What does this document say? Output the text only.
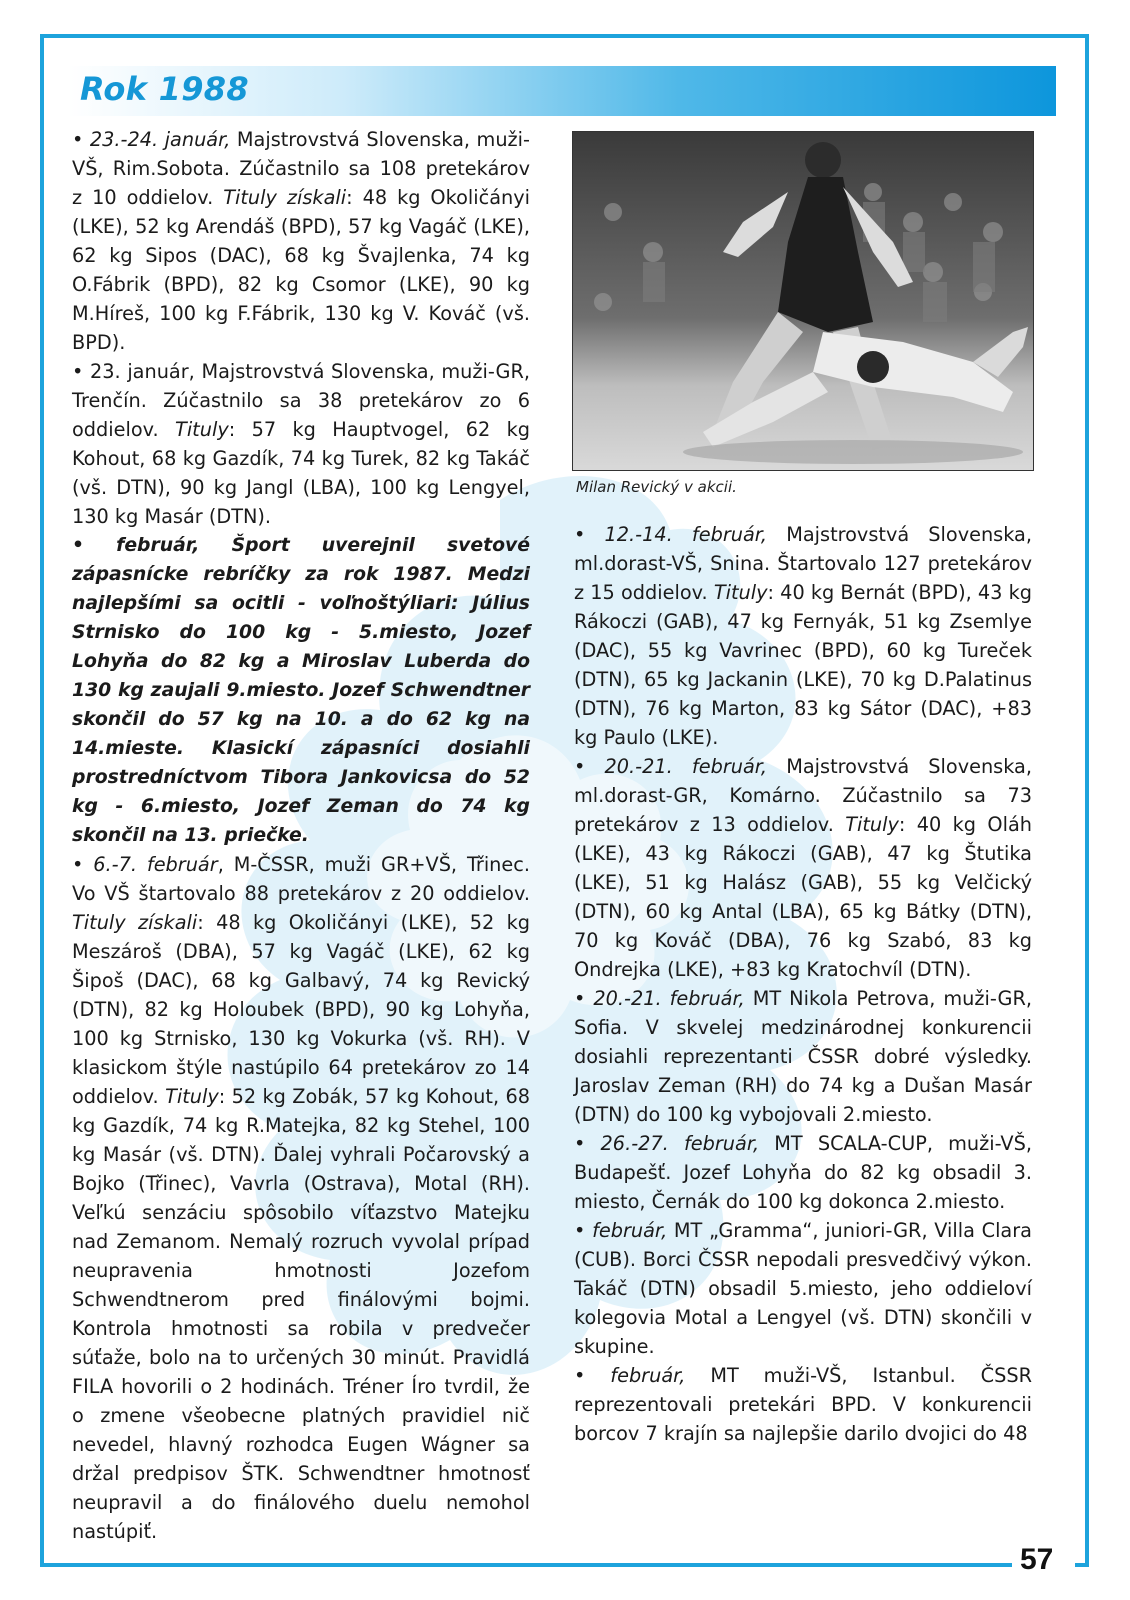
57
Rok 1988

• 23.-24. január, Majstrovstvá Slovenska, muži-VŠ, Rim.Sobota. Zúčastnilo sa 108 pretekárov z 10 oddielov. Tituly získali: 48 kg Okoličányi (LKE), 52 kg Arendáš (BPD), 57 kg Vagáč (LKE), 62 kg Sipos (DAC), 68 kg Švajlenka, 74 kg O.Fábrik (BPD), 82 kg Csomor (LKE), 90 kg M.Híreš, 100 kg F.Fábrik, 130 kg V. Kováč (vš. BPD).

• 23. január, Majstrovstvá Slovenska, muži-GR, Trenčín. Zúčastnilo sa 38 pretekárov zo 6 oddielov. Tituly: 57 kg Hauptvogel, 62 kg Kohout, 68 kg Gazdík, 74 kg Turek, 82 kg Takáč (vš. DTN), 90 kg Jangl (LBA), 100 kg Lengyel, 130 kg Masár (DTN).

• február, Šport uverejnil svetové zápasnícke rebríčky za rok 1987. Medzi najlepšími sa ocitli - voľnoštýliari: Július Strnisko do 100 kg - 5.miesto, Jozef Lohyňa do 82 kg a Miroslav Luberda do 130 kg zaujali 9.miesto. Jozef Schwendtner skončil do 57 kg na 10. a do 62 kg na 14.mieste. Klasickí zápasníci dosiahli prostredníctvom Tibora Jankovicsa do 52 kg - 6.miesto, Jozef Zeman do 74 kg skončil na 13. priečke.

• 6.-7. február, M-ČSSR, muži GR+VŠ, Třinec. Vo VŠ štartovalo 88 pretekárov z 20 oddielov. Tituly získali: 48 kg Okoličányi (LKE), 52 kg Meszároš (DBA), 57 kg Vagáč (LKE), 62 kg Šipoš (DAC), 68 kg Galbavý, 74 kg Revický (DTN), 82 kg Holoubek (BPD), 90 kg Lohyňa, 100 kg Strnisko, 130 kg Vokurka (vš. RH). V klasickom štýle nastúpilo 64 pretekárov zo 14 oddielov. Tituly: 52 kg Zobák, 57 kg Kohout, 68 kg Gazdík, 74 kg R.Matejka, 82 kg Stehel, 100 kg Masár (vš. DTN). Ďalej vyhrali Počarovský a Bojko (Třinec), Vavrla (Ostrava), Motal (RH). Veľkú senzáciu spôsobilo víťazstvo Matejku nad Zemanom. Nemalý rozruch vyvolal prípad neupravenia hmotnosti Jozefom Schwendtnerom pred finálovými bojmi. Kontrola hmotnosti sa robila v predvečer súťaže, bolo na to určených 30 minút. Pravidlá FILA hovorili o 2 hodinách. Tréner Íro tvrdil, že o zmene všeobecne platných pravidiel nič nevedel, hlavný rozhodca Eugen Wágner sa držal predpisov ŠTK. Schwendtner hmotnosť neupravil a do finálového duelu nemohol nastúpiť.

Milan Revický v akcii.

• 12.-14. február, Majstrovstvá Slovenska, ml.dorast-VŠ, Snina. Štartovalo 127 pretekárov z 15 oddielov. Tituly: 40 kg Bernát (BPD), 43 kg Rákoczi (GAB), 47 kg Fernyák, 51 kg Zsemlye (DAC), 55 kg Vavrinec (BPD), 60 kg Tureček (DTN), 65 kg Jackanin (LKE), 70 kg D.Palatinus (DTN), 76 kg Marton, 83 kg Sátor (DAC), +83 kg Paulo (LKE).

• 20.-21. február, Majstrovstvá Slovenska, ml.dorast-GR, Komárno. Zúčastnilo sa 73 pretekárov z 13 oddielov. Tituly: 40 kg Oláh (LKE), 43 kg Rákoczi (GAB), 47 kg Štutika (LKE), 51 kg Halász (GAB), 55 kg Velčický (DTN), 60 kg Antal (LBA), 65 kg Bátky (DTN), 70 kg Kováč (DBA), 76 kg Szabó, 83 kg Ondrejka (LKE), +83 kg Kratochvíl (DTN).

• 20.-21. február, MT Nikola Petrova, muži-GR, Sofia. V skvelej medzinárodnej konkurencii dosiahli reprezentanti ČSSR dobré výsledky. Jaroslav Zeman (RH) do 74 kg a Dušan Masár (DTN) do 100 kg vybojovali 2.miesto.

• 26.-27. február, MT SCALA-CUP, muži-VŠ, Budapešť. Jozef Lohyňa do 82 kg obsadil 3. miesto, Černák do 100 kg dokonca 2.miesto.

• február, MT „Gramma“, juniori-GR, Villa Clara (CUB). Borci ČSSR nepodali presvedčivý výkon. Takáč (DTN) obsadil 5.miesto, jeho oddieloví kolegovia Motal a Lengyel (vš. DTN) skončili v skupine.

• február, MT muži-VŠ, Istanbul. ČSSR reprezentovali pretekári BPD. V konkurencii borcov 7 krajín sa najlepšie darilo dvojici do 48
